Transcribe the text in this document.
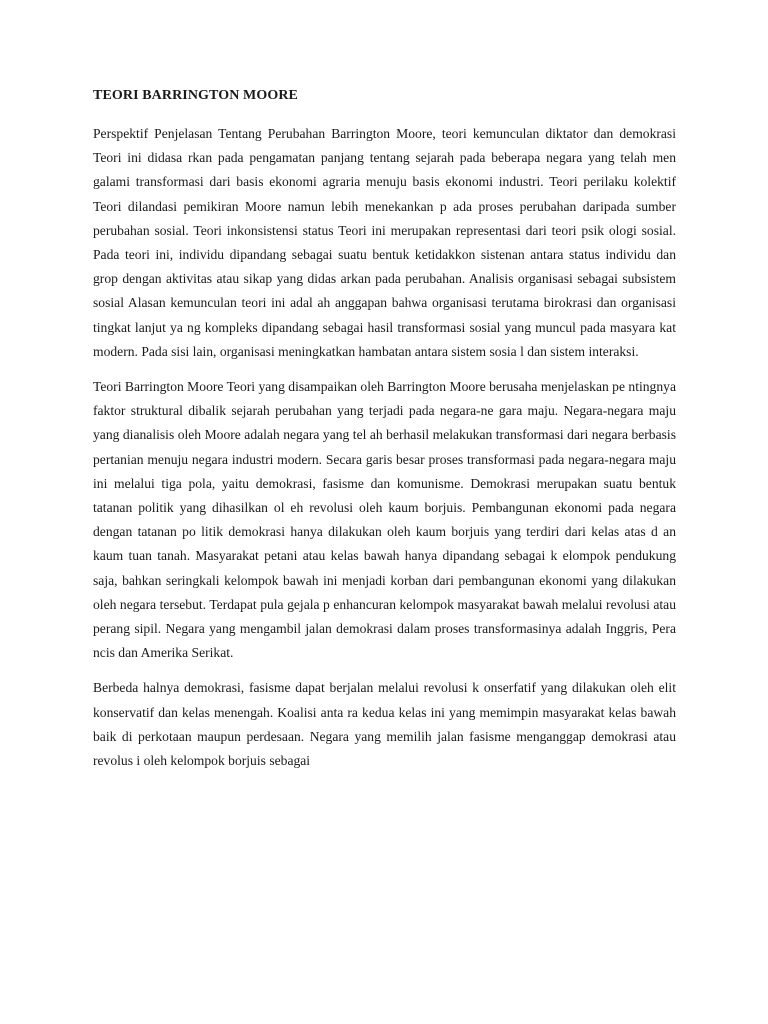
TEORI BARRINGTON MOORE

Perspektif Penjelasan Tentang Perubahan Barrington Moore, teori kemunculan diktator dan demokrasi Teori ini didasa rkan pada pengamatan panjang tentang sejarah pada beberapa negara yang telah men galami transformasi dari basis ekonomi agraria menuju basis ekonomi industri. Teori perilaku kolektif Teori dilandasi pemikiran Moore namun lebih menekankan p ada proses perubahan daripada sumber perubahan sosial. Teori inkonsistensi status Teori ini merupakan representasi dari teori psik ologi sosial. Pada teori ini, individu dipandang sebagai suatu bentuk ketidakkon sistenan antara status individu dan grop dengan aktivitas atau sikap yang didas arkan pada perubahan. Analisis organisasi sebagai subsistem sosial Alasan kemunculan teori ini adal ah anggapan bahwa organisasi terutama birokrasi dan organisasi tingkat lanjut ya ng kompleks dipandang sebagai hasil transformasi sosial yang muncul pada masyara kat modern. Pada sisi lain, organisasi meningkatkan hambatan antara sistem sosia l dan sistem interaksi.

Teori Barrington Moore Teori yang disampaikan oleh Barrington Moore berusaha menjelaskan pe ntingnya faktor struktural dibalik sejarah perubahan yang terjadi pada negara-ne gara maju. Negara-negara maju yang dianalisis oleh Moore adalah negara yang tel ah berhasil melakukan transformasi dari negara berbasis pertanian menuju negara industri modern. Secara garis besar proses transformasi pada negara-negara maju ini melalui tiga pola, yaitu demokrasi, fasisme dan komunisme. Demokrasi merupakan suatu bentuk tatanan politik yang dihasilkan ol eh revolusi oleh kaum borjuis. Pembangunan ekonomi pada negara dengan tatanan po litik demokrasi hanya dilakukan oleh kaum borjuis yang terdiri dari kelas atas d an kaum tuan tanah. Masyarakat petani atau kelas bawah hanya dipandang sebagai k elompok pendukung saja, bahkan seringkali kelompok bawah ini menjadi korban dari pembangunan ekonomi yang dilakukan oleh negara tersebut. Terdapat pula gejala p enhancuran kelompok masyarakat bawah melalui revolusi atau perang sipil. Negara yang mengambil jalan demokrasi dalam proses transformasinya adalah Inggris, Pera ncis dan Amerika Serikat.

Berbeda halnya demokrasi, fasisme dapat berjalan melalui revolusi k onserfatif yang dilakukan oleh elit konservatif dan kelas menengah. Koalisi anta ra kedua kelas ini yang memimpin masyarakat kelas bawah baik di perkotaan maupun perdesaan. Negara yang memilih jalan fasisme menganggap demokrasi atau revolus i oleh kelompok borjuis sebagai
